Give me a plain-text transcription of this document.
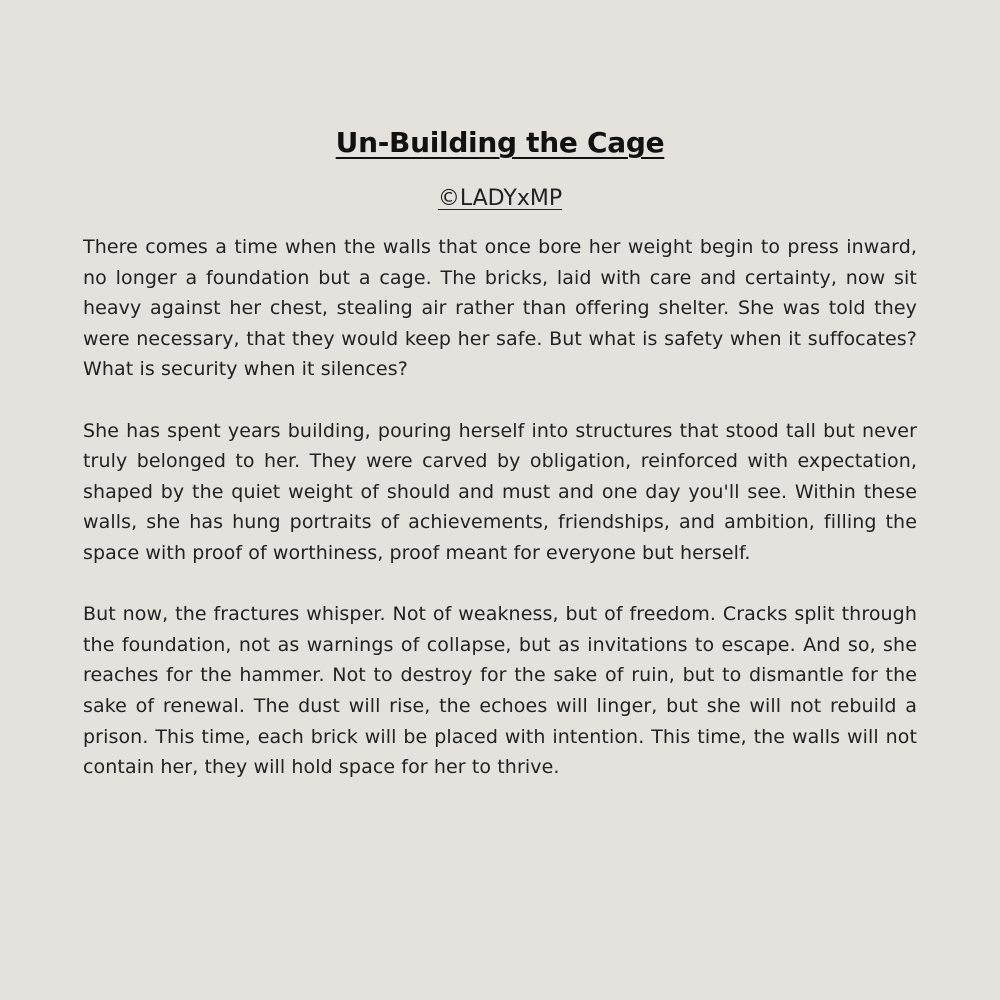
Un-Building the Cage
©LADYxMP

There comes a time when the walls that once bore her weight begin to press inward, no longer a foundation but a cage. The bricks, laid with care and certainty, now sit heavy against her chest, stealing air rather than offering shelter. She was told they were necessary, that they would keep her safe. But what is safety when it suffocates? What is security when it silences?

She has spent years building, pouring herself into structures that stood tall but never truly belonged to her. They were carved by obligation, reinforced with expectation, shaped by the quiet weight of should and must and one day you'll see. Within these walls, she has hung portraits of achievements, friendships, and ambition, filling the space with proof of worthiness, proof meant for everyone but herself.

But now, the fractures whisper. Not of weakness, but of freedom. Cracks split through the foundation, not as warnings of collapse, but as invitations to escape. And so, she reaches for the hammer. Not to destroy for the sake of ruin, but to dismantle for the sake of renewal. The dust will rise, the echoes will linger, but she will not rebuild a prison. This time, each brick will be placed with intention. This time, the walls will not contain her, they will hold space for her to thrive.
